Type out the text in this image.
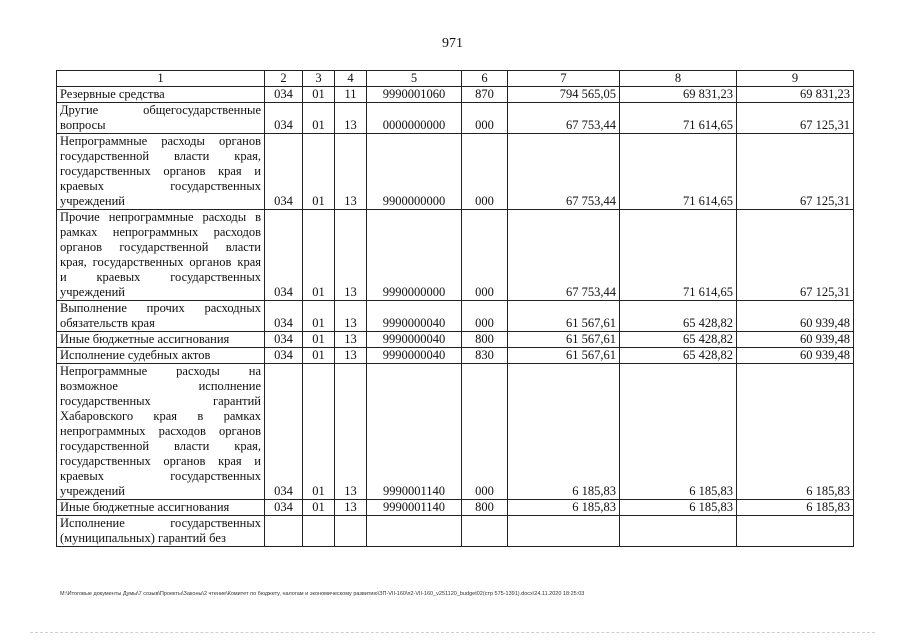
971
1	2	3	4	5	6	7	8	9
Резервные средства	034	01	11	9990001060	870	794 565,05	69 831,23	69 831,23
Другие общегосударственные вопросы	034	01	13	0000000000	000	67 753,44	71 614,65	67 125,31
Непрограммные расходы органов государственной власти края, государственных органов края и краевых государственных учреждений	034	01	13	9900000000	000	67 753,44	71 614,65	67 125,31
Прочие непрограммные расходы в рамках непрограммных расходов органов государственной власти края, государственных органов края и краевых государственных учреждений	034	01	13	9990000000	000	67 753,44	71 614,65	67 125,31
Выполнение прочих расходных обязательств края	034	01	13	9990000040	000	61 567,61	65 428,82	60 939,48
Иные бюджетные ассигнования	034	01	13	9990000040	800	61 567,61	65 428,82	60 939,48
Исполнение судебных актов	034	01	13	9990000040	830	61 567,61	65 428,82	60 939,48
Непрограммные расходы на возможное исполнение государственных гарантий Хабаровского края в рамках непрограммных расходов органов государственной власти края, государственных органов края и краевых государственных учреждений	034	01	13	9990001140	000	6 185,83	6 185,83	6 185,83
Иные бюджетные ассигнования	034	01	13	9990001140	800	6 185,83	6 185,83	6 185,83
Исполнение государственных (муниципальных) гарантий без								
M:\Итоговые документы Думы\7 созыв\Проекты\Законы\2 чтение\Комитет по бюджету, налогам и экономическому развитию\ЗП-VII-160\п2-VII-160_v251120_budget02(стр 575-1391).docx\24.11.2020 18:25:03
